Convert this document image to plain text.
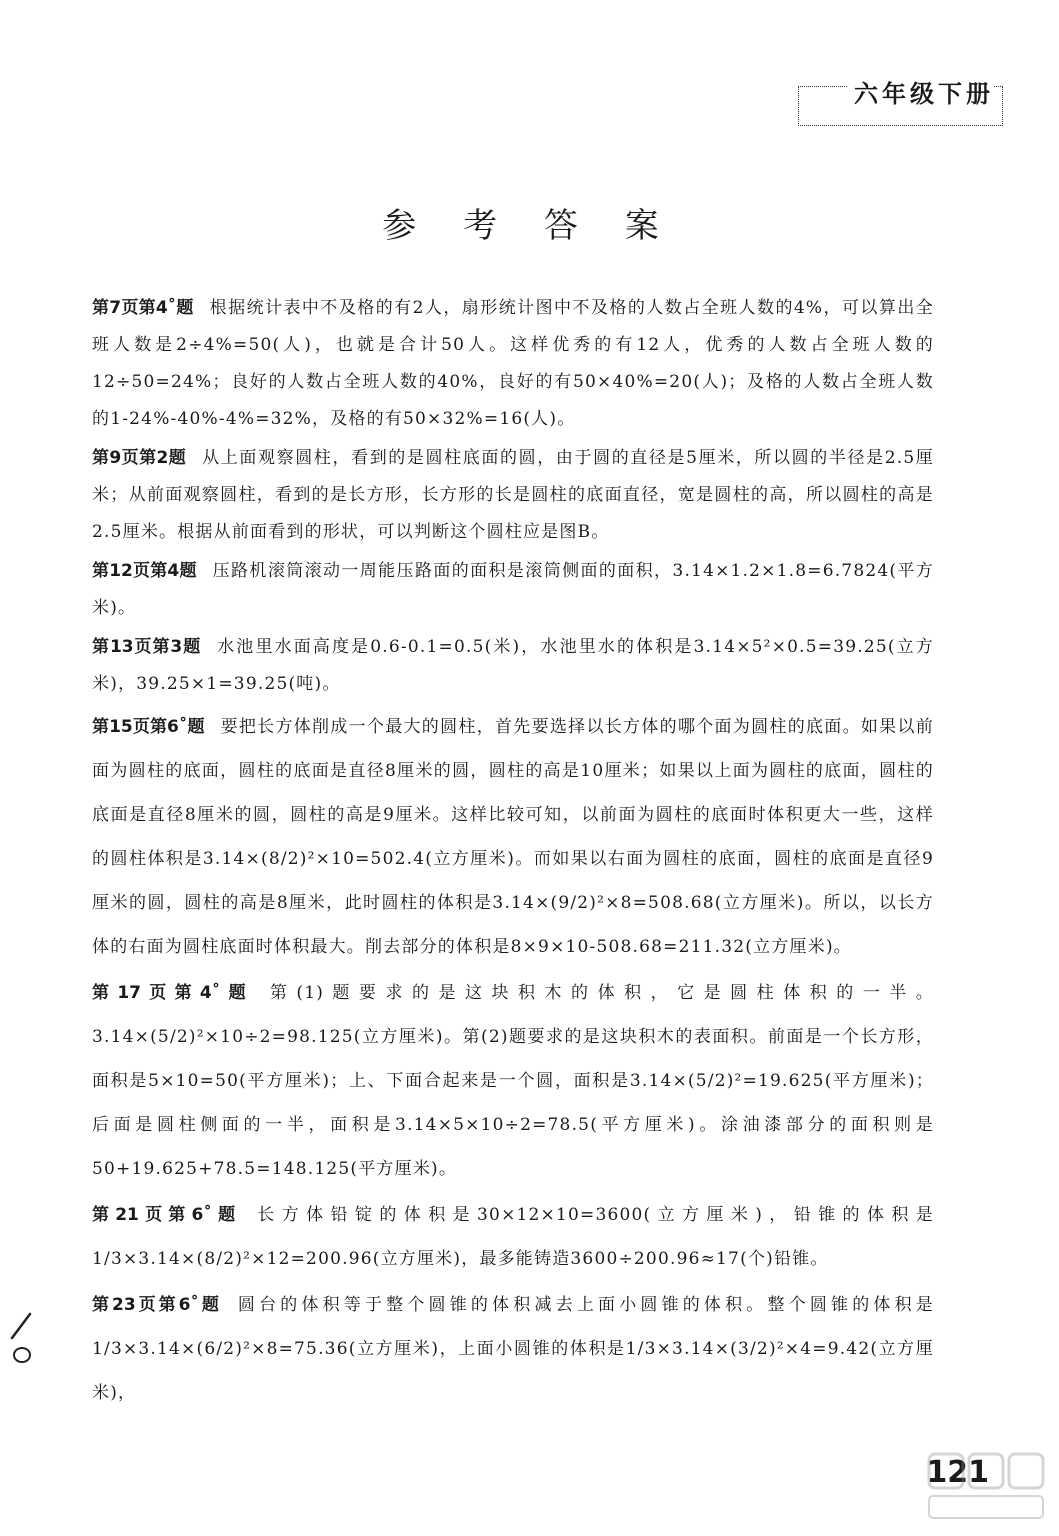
六年级下册
参 考 答 案

第7页第4˚题 根据统计表中不及格的有2人，扇形统计图中不及格的人数占全班人数的4%，可以算出全班人数是2÷4%=50(人)，也就是合计50人。这样优秀的有12人，优秀的人数占全班人数的12÷50=24%；良好的人数占全班人数的40%，良好的有50×40%=20(人)；及格的人数占全班人数的1-24%-40%-4%=32%，及格的有50×32%=16(人)。

第9页第2题 从上面观察圆柱，看到的是圆柱底面的圆，由于圆的直径是5厘米，所以圆的半径是2.5厘米；从前面观察圆柱，看到的是长方形，长方形的长是圆柱的底面直径，宽是圆柱的高，所以圆柱的高是2.5厘米。根据从前面看到的形状，可以判断这个圆柱应是图B。

第12页第4题 压路机滚筒滚动一周能压路面的面积是滚筒侧面的面积，3.14×1.2×1.8=6.7824(平方米)。

第13页第3题 水池里水面高度是0.6-0.1=0.5(米)，水池里水的体积是3.14×5²×0.5=39.25(立方米)，39.25×1=39.25(吨)。

第15页第6˚题 要把长方体削成一个最大的圆柱，首先要选择以长方体的哪个面为圆柱的底面。如果以前面为圆柱的底面，圆柱的底面是直径8厘米的圆，圆柱的高是10厘米；如果以上面为圆柱的底面，圆柱的底面是直径8厘米的圆，圆柱的高是9厘米。这样比较可知，以前面为圆柱的底面时体积更大一些，这样的圆柱体积是3.14×(8/2)²×10=502.4(立方厘米)。而如果以右面为圆柱的底面，圆柱的底面是直径9厘米的圆，圆柱的高是8厘米，此时圆柱的体积是3.14×(9/2)²×8=508.68(立方厘米)。所以，以长方体的右面为圆柱底面时体积最大。削去部分的体积是8×9×10-508.68=211.32(立方厘米)。

第17页第4˚题 第(1)题要求的是这块积木的体积，它是圆柱体积的一半。3.14×(5/2)²×10÷2=98.125(立方厘米)。第(2)题要求的是这块积木的表面积。前面是一个长方形，面积是5×10=50(平方厘米)；上、下面合起来是一个圆，面积是3.14×(5/2)²=19.625(平方厘米)；后面是圆柱侧面的一半，面积是3.14×5×10÷2=78.5(平方厘米)。涂油漆部分的面积则是50+19.625+78.5=148.125(平方厘米)。

第21页第6˚题 长方体铅锭的体积是30×12×10=3600(立方厘米)，铅锥的体积是1/3×3.14×(8/2)²×12=200.96(立方厘米)，最多能铸造3600÷200.96≈17(个)铅锥。

第23页第6˚题 圆台的体积等于整个圆锥的体积减去上面小圆锥的体积。整个圆锥的体积是1/3×3.14×(6/2)²×8=75.36(立方厘米)，上面小圆锥的体积是1/3×3.14×(3/2)²×4=9.42(立方厘米)，

121
